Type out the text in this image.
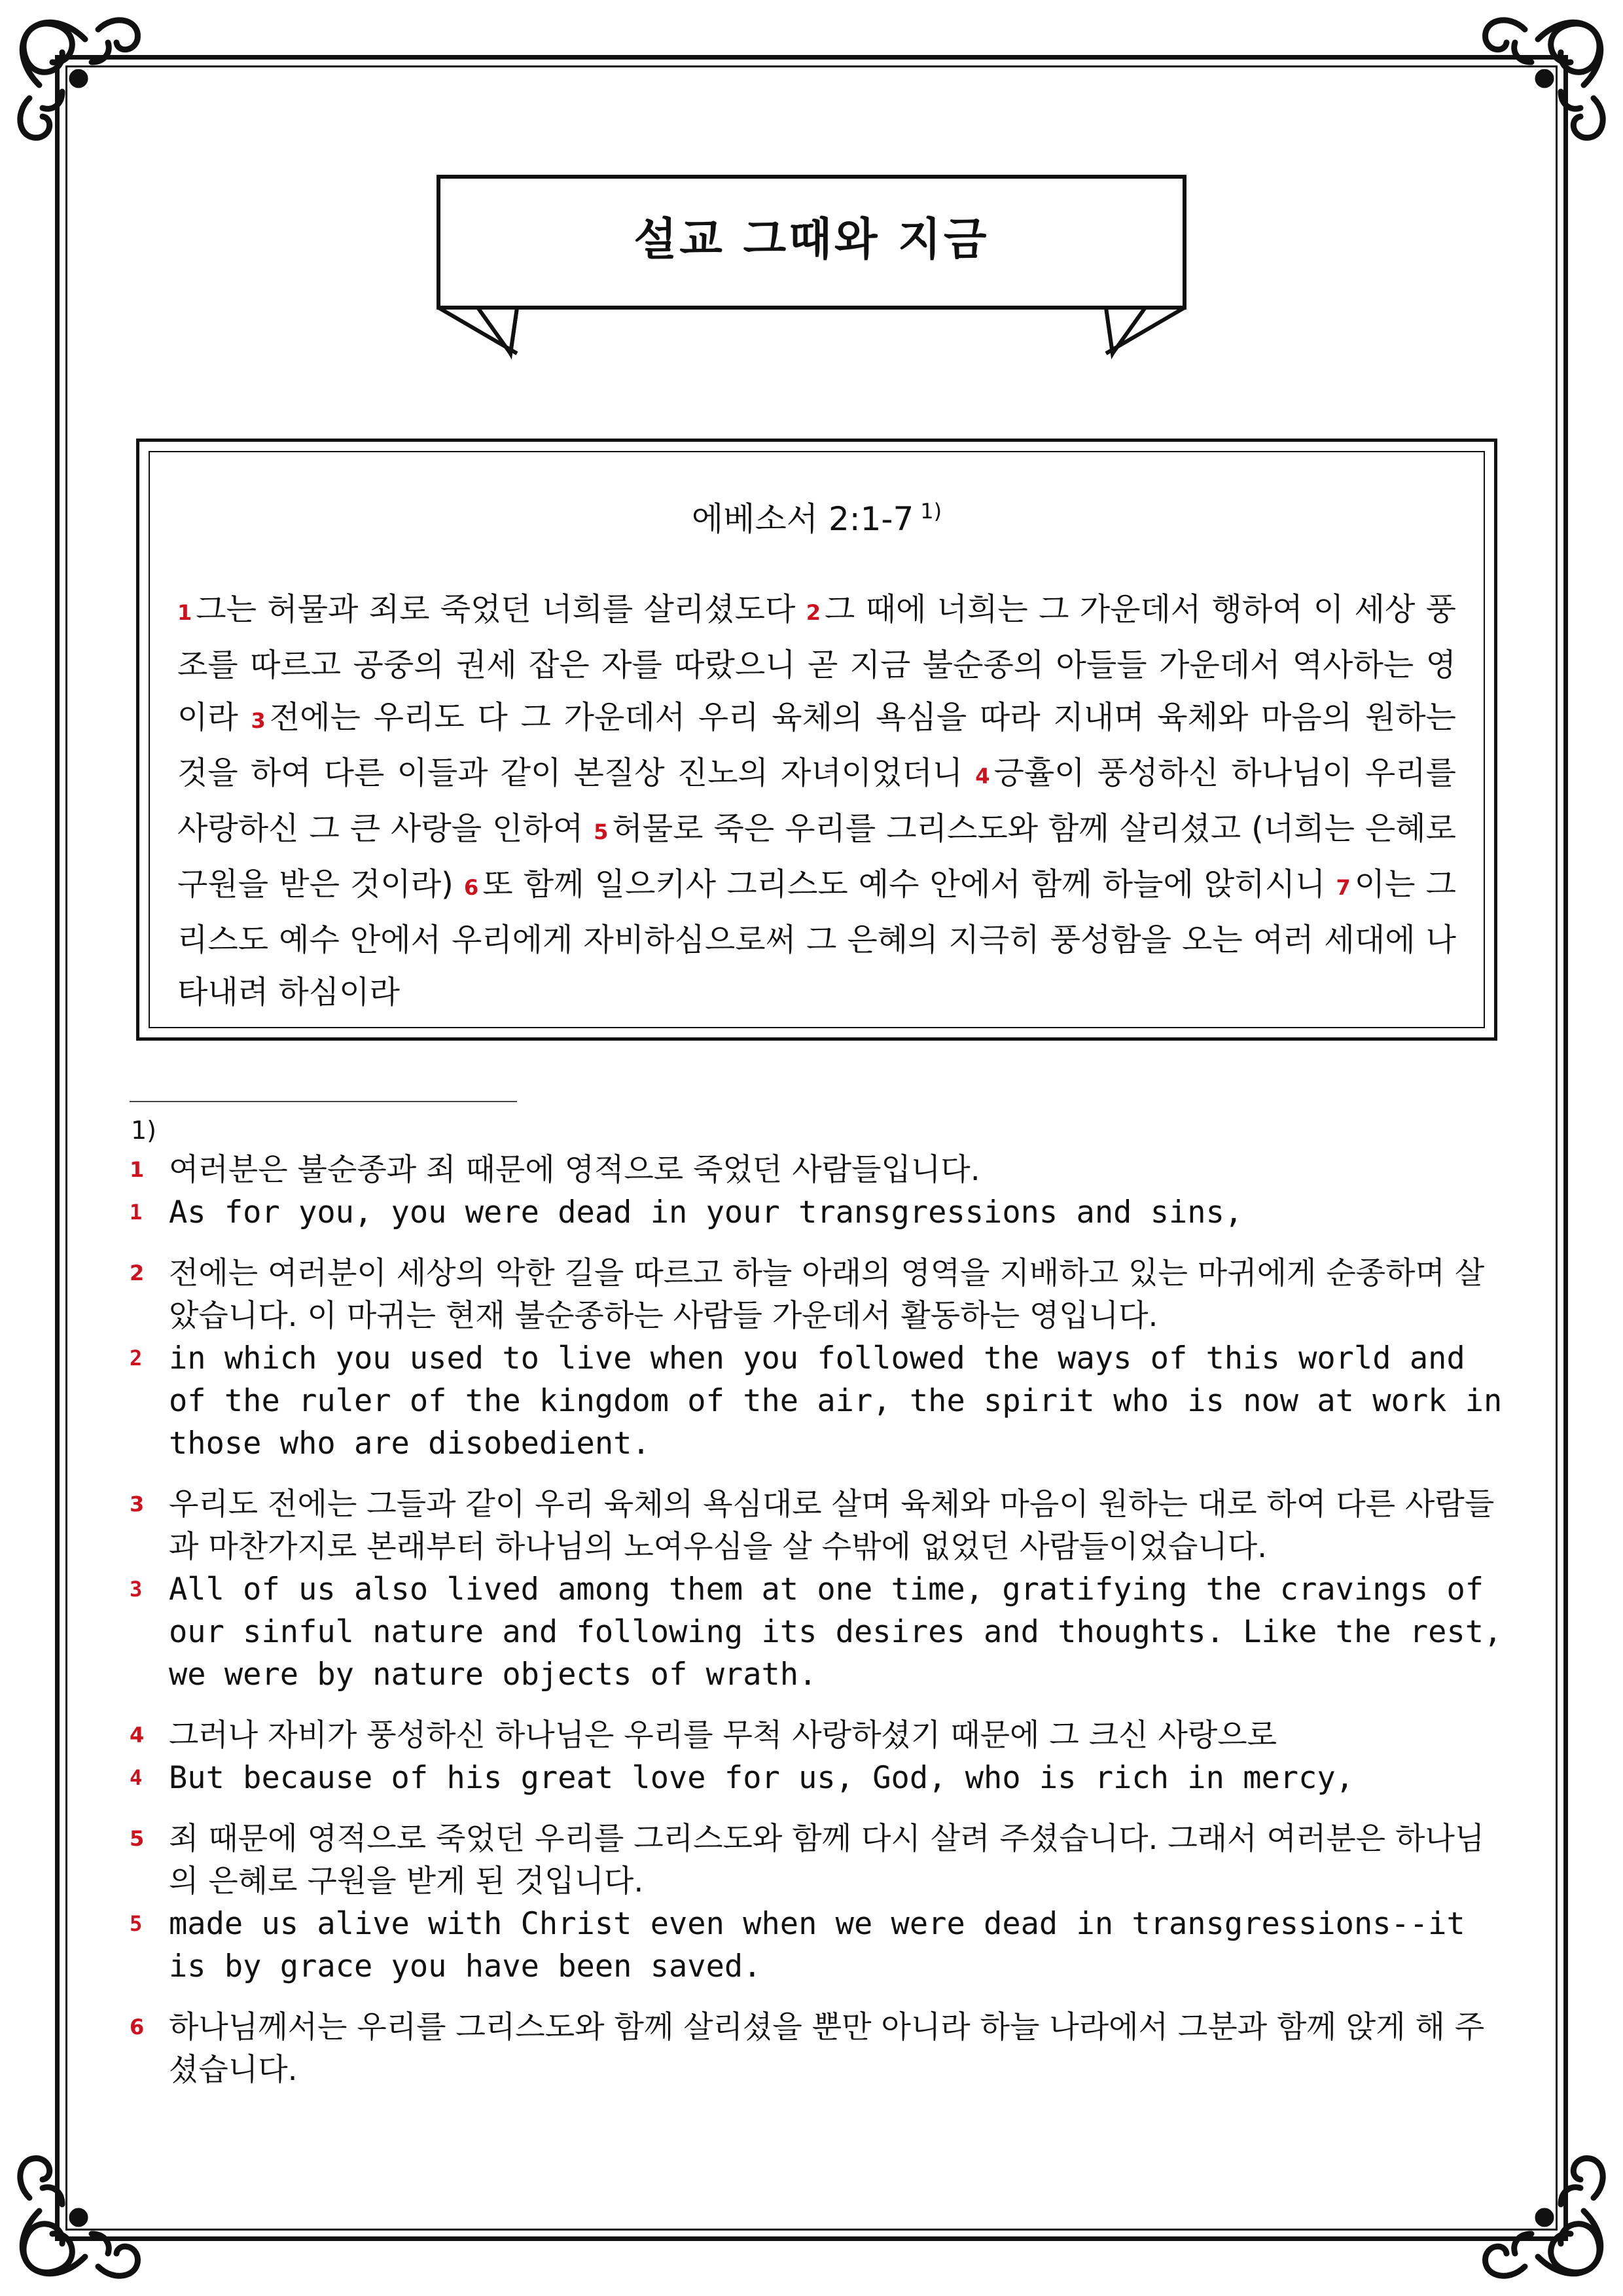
설교 그때와 지금
에베소서 2:1-7 $^{1)}$
1 그는 허물과 죄로 죽었던 너희를 살리셨도다 2 그 때에 너희는 그 가운데서 행하여 이 세상 풍조를 따르고 공중의 권세 잡은 자를 따랐으니 곧 지금 불순종의 아들들 가운데서 역사하는 영이라 3 전에는 우리도 다 그 가운데서 우리 육체의 욕심을 따라 지내며 육체와 마음의 원하는 것을 하여 다른 이들과 같이 본질상 진노의 자녀이었더니 4 긍휼이 풍성하신 하나님이 우리를 사랑하신 그 큰 사랑을 인하여 5 허물로 죽은 우리를 그리스도와 함께 살리셨고 (너희는 은혜로 구원을 받은 것이라) 6 또 함께 일으키사 그리스도 예수 안에서 함께 하늘에 앉히시니 7 이는 그리스도 예수 안에서 우리에게 자비하심으로써 그 은혜의 지극히 풍성함을 오는 여러 세대에 나타내려 하심이라
1)
1 여러분은 불순종과 죄 때문에 영적으로 죽었던 사람들입니다.
1 As for you, you were dead in your transgressions and sins,
2 전에는 여러분이 세상의 악한 길을 따르고 하늘 아래의 영역을 지배하고 있는 마귀에게 순종하며 살았습니다. 이 마귀는 현재 불순종하는 사람들 가운데서 활동하는 영입니다.
2 in which you used to live when you followed the ways of this world and of the ruler of the kingdom of the air, the spirit who is now at work in those who are disobedient.
3 우리도 전에는 그들과 같이 우리 육체의 욕심대로 살며 육체와 마음이 원하는 대로 하여 다른 사람들과 마찬가지로 본래부터 하나님의 노여우심을 살 수밖에 없었던 사람들이었습니다.
3 All of us also lived among them at one time, gratifying the cravings of our sinful nature and following its desires and thoughts. Like the rest, we were by nature objects of wrath.
4 그러나 자비가 풍성하신 하나님은 우리를 무척 사랑하셨기 때문에 그 크신 사랑으로
4 But because of his great love for us, God, who is rich in mercy,
5 죄 때문에 영적으로 죽었던 우리를 그리스도와 함께 다시 살려 주셨습니다. 그래서 여러분은 하나님의 은혜로 구원을 받게 된 것입니다.
5 made us alive with Christ even when we were dead in transgressions--it is by grace you have been saved.
6 하나님께서는 우리를 그리스도와 함께 살리셨을 뿐만 아니라 하늘 나라에서 그분과 함께 앉게 해 주셨습니다.
